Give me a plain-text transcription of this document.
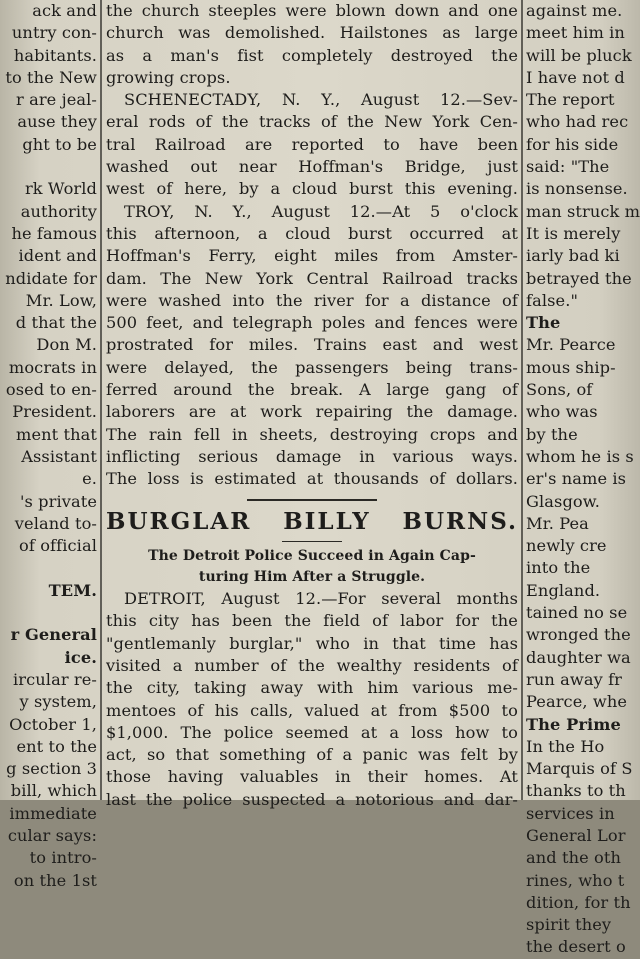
ack and
untry con-
habitants.
to the New
r are jeal-
ause they
ght to be
rk World
authority
he famous
ident and
ndidate for
Mr. Low,
d that the
Don M.
mocrats in
osed to en-
President.
ment that
Assistant
e.
's private
veland to-
of official
TEM.
r General
ice.
ircular re-
y system,
October 1,
ent to the
g section 3
bill, which
immediate
cular says:
to intro-
on the 1st
the church steeples were blown down and one
church was demolished. Hailstones as large
as a man's fist completely destroyed the
growing crops.
SCHENECTADY, N. Y., August 12.—Sev-
eral rods of the tracks of the New York Cen-
tral Railroad are reported to have been
washed out near Hoffman's Bridge, just
west of here, by a cloud burst this evening.
TROY, N. Y., August 12.—At 5 o'clock
this afternoon, a cloud burst occurred at
Hoffman's Ferry, eight miles from Amster-
dam. The New York Central Railroad tracks
were washed into the river for a distance of
500 feet, and telegraph poles and fences were
prostrated for miles. Trains east and west
were delayed, the passengers being trans-
ferred around the break. A large gang of
laborers are at work repairing the damage.
The rain fell in sheets, destroying crops and
inflicting serious damage in various ways.
The loss is estimated at thousands of dollars.
BURGLAR BILLY BURNS.
The Detroit Police Succeed in Again Cap-
turing Him After a Struggle.
DETROIT, August 12.—For several months
this city has been the field of labor for the
"gentlemanly burglar," who in that time has
visited a number of the wealthy residents of
the city, taking away with him various me-
mentoes of his calls, valued at from $500 to
$1,000. The police seemed at a loss how to
act, so that something of a panic was felt by
those having valuables in their homes. At
last the police suspected a notorious and dar-
against me.
meet him in
will be pluck
I have not d
The report
who had rec
for his side
said: "The
is nonsense.
man struck m
It is merely
iarly bad ki
betrayed the
false."
The
Mr. Pearce
mous ship-
Sons, of
who was
by the
whom he is s
er's name is
Glasgow.
Mr. Pea
newly cre
into the
England.
tained no se
wronged the
daughter wa
run away fr
Pearce, whe
The Prime
In the Ho
Marquis of S
thanks to th
services in
General Lor
and the oth
rines, who t
dition, for th
spirit they
the desert o
